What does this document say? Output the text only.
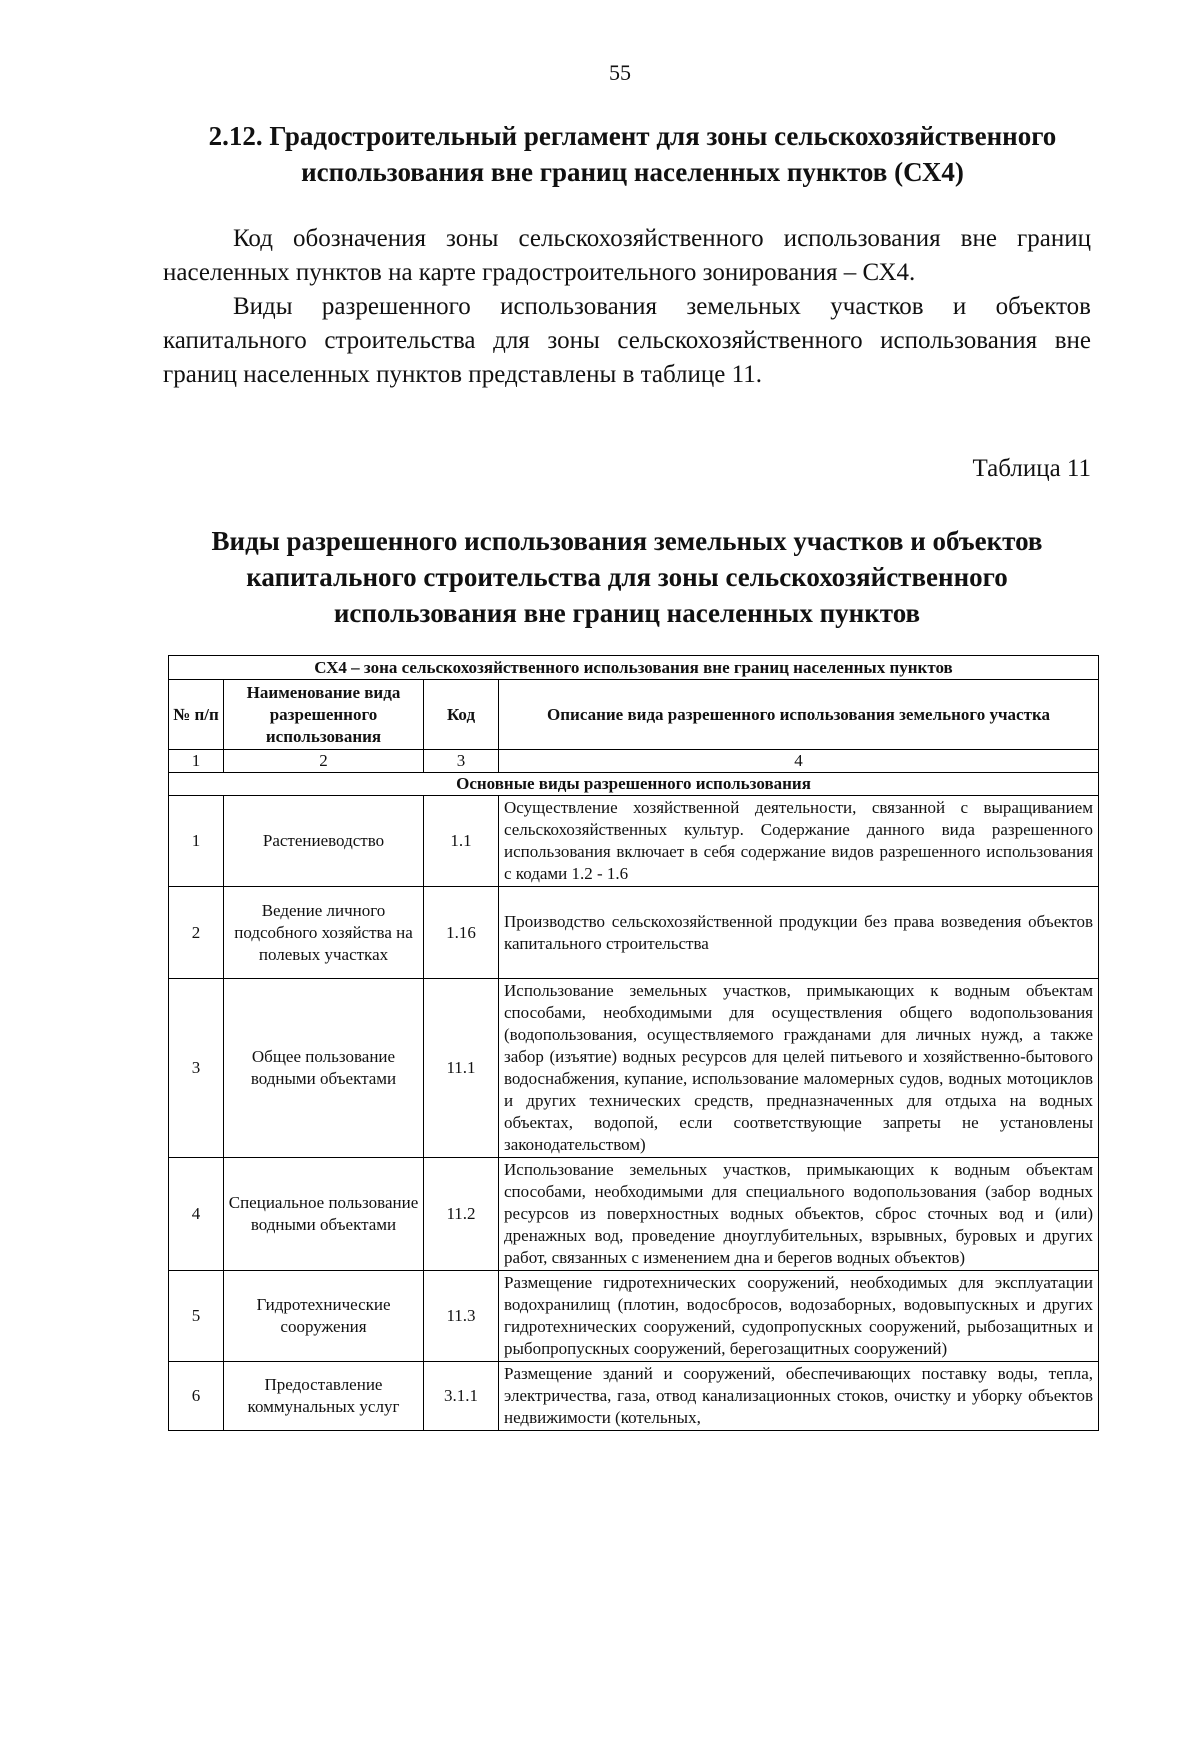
55
2.12. Градостроительный регламент для зоны сельскохозяйственного использования вне границ населенных пунктов (СХ4)

Код обозначения зоны сельскохозяйственного использования вне границ населенных пунктов на карте градостроительного зонирования – СХ4.

Виды разрешенного использования земельных участков и объектов капитального строительства для зоны сельскохозяйственного использования вне границ населенных пунктов представлены в таблице 11.

Таблица 11
Виды разрешенного использования земельных участков и объектов капитального строительства для зоны сельскохозяйственного использования вне границ населенных пунктов
СХ4 – зона сельскохозяйственного использования вне границ населенных пунктов			
№ п/п	Наименование вида разрешенного использования	Код	Описание вида разрешенного использования земельного участка
1	2	3	4
Основные виды разрешенного использования			
1	Растениеводство	1.1	Осуществление хозяйственной деятельности, связанной с выращиванием сельскохозяйственных культур. Содержание данного вида разрешенного использования включает в себя содержание видов разрешенного использования с кодами 1.2 - 1.6
2	Ведение личного подсобного хозяйства на полевых участках	1.16	Производство сельскохозяйственной продукции без права возведения объектов капитального строительства
3	Общее пользование водными объектами	11.1	Использование земельных участков, примыкающих к водным объектам способами, необходимыми для осуществления общего водопользования (водопользования, осуществляемого гражданами для личных нужд, а также забор (изъятие) водных ресурсов для целей питьевого и хозяйственно-бытового водоснабжения, купание, использование маломерных судов, водных мотоциклов и других технических средств, предназначенных для отдыха на водных объектах, водопой, если соответствующие запреты не установлены законодательством)
4	Специальное пользование водными объектами	11.2	Использование земельных участков, примыкающих к водным объектам способами, необходимыми для специального водопользования (забор водных ресурсов из поверхностных водных объектов, сброс сточных вод и (или) дренажных вод, проведение дноуглубительных, взрывных, буровых и других работ, связанных с изменением дна и берегов водных объектов)
5	Гидротехнические сооружения	11.3	Размещение гидротехнических сооружений, необходимых для эксплуатации водохранилищ (плотин, водосбросов, водозаборных, водовыпускных и других гидротехнических сооружений, судопропускных сооружений, рыбозащитных и рыбопропускных сооружений, берегозащитных сооружений)
6	Предоставление коммунальных услуг	3.1.1	Размещение зданий и сооружений, обеспечивающих поставку воды, тепла, электричества, газа, отвод канализационных стоков, очистку и уборку объектов недвижимости (котельных,
